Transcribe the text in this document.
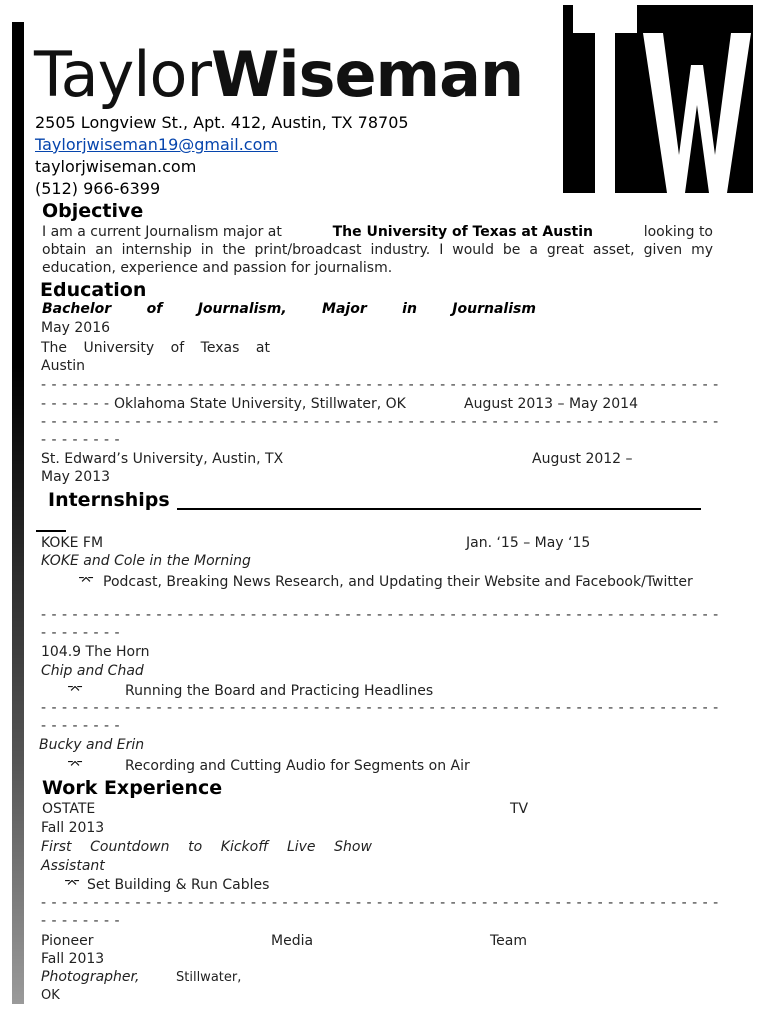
TaylorWiseman
2505 Longview St., Apt. 412, Austin, TX 78705
Taylorjwiseman19@gmail.com
taylorjwiseman.com
(512) 966-6399
Objective
I am a current Journalism major at	The University of Texas at Austin	looking to
obtain an internship in the print/broadcast industry. I would be a great asset, given my
education, experience and passion for journalism.
Education
Bachelor	of	Journalism,	Major	in	Journalism
May 2016
The University of Texas at
Austin
- - - - - - - - - - - - - - - - - - - - - - - - - - - - - - - - - - - - - - - - - - - - - - - - - - - - - - - - - - - - - - - - -
- - - - - - - Oklahoma State University, Stillwater, OK	August 2013 – May 2014
- - - - - - - - - - - - - - - - - - - - - - - - - - - - - - - - - - - - - - - - - - - - - - - - - - - - - - - - - - - - - - - - -
- - - - - - - -
St. Edward’s University, Austin, TX	August 2012 –
May 2013
Internships
KOKE FM	Jan. ‘15 – May ‘15
KOKE and Cole in the Morning
⌤ Podcast, Breaking News Research, and Updating their Website and Facebook/Twitter
- - - - - - - - - - - - - - - - - - - - - - - - - - - - - - - - - - - - - - - - - - - - - - - - - - - - - - - - - - - - - - - - -
- - - - - - - -
104.9 The Horn
Chip and Chad
⌤	Running the Board and Practicing Headlines
- - - - - - - - - - - - - - - - - - - - - - - - - - - - - - - - - - - - - - - - - - - - - - - - - - - - - - - - - - - - - - - - -
- - - - - - - -
Bucky and Erin
⌤	Recording and Cutting Audio for Segments on Air
Work Experience
OSTATE	TV
Fall 2013
First Countdown to Kickoff Live Show
Assistant
⌤ Set Building & Run Cables
- - - - - - - - - - - - - - - - - - - - - - - - - - - - - - - - - - - - - - - - - - - - - - - - - - - - - - - - - - - - - - - - -
- - - - - - - -
Pioneer	Media	Team
Fall 2013
Photographer,	Stillwater,
OK
